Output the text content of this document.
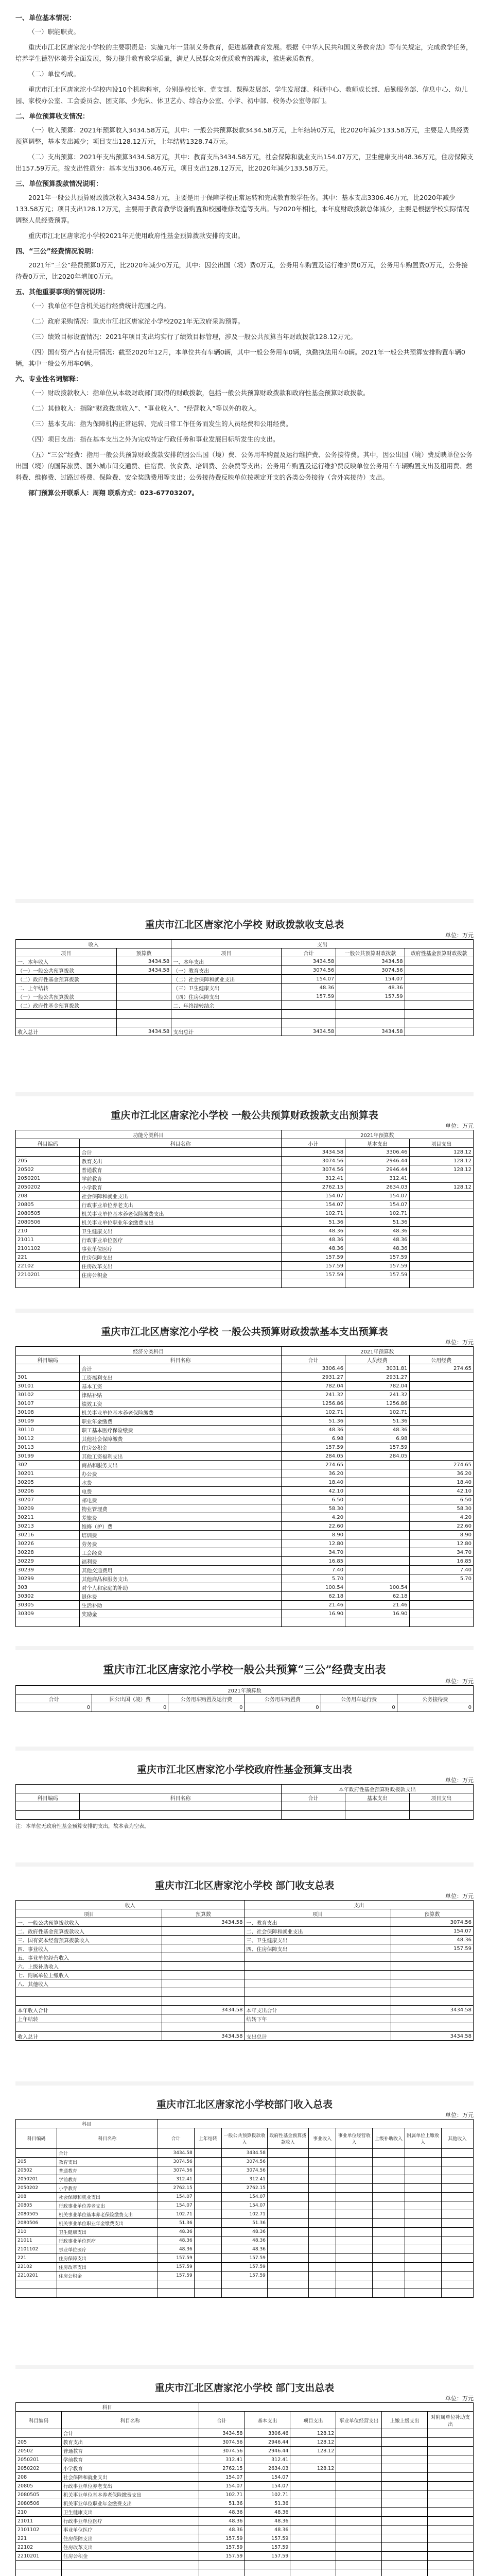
一、单位基本情况：

（一）职能职责。

重庆市江北区唐家沱小学校的主要职责是：实施九年一贯制义务教育，促进基础教育发展。根据《中华人民共和国义务教育法》等有关规定，完成教学任务，培养学生德智体美劳全面发展，努力提升教育教学质量，满足人民群众对优质教育的需求，推进素质教育。

（二）单位构成。

重庆市江北区唐家沱小学校内设10个机构科室，分别是校长室、党支部、课程发展部、学生发展部、科研中心、教师成长部、后勤服务部、信息中心、幼儿园、家校办公室、工会委员会、团支部、少先队、体卫艺办、综合办公室、小学、初中部、校务办公室等部门。

二、单位预算收支情况：

（一）收入预算：2021年预算收入3434.58万元，其中：一般公共预算拨款3434.58万元，上年结转0万元，比2020年减少133.58万元，主要是人员经费预算调整，基本支出减少；项目支出128.12万元，上年结转1328.74万元。

（二）支出预算：2021年支出预算3434.58万元，其中：教育支出3434.58万元，社会保障和就业支出154.07万元，卫生健康支出48.36万元，住房保障支出157.59万元。按支出性质分：基本支出3306.46万元，项目支出128.12万元，比2020年减少133.58万元。

三、单位预算拨款情况说明：

2021年一般公共预算财政拨款收入3434.58万元，主要是用于保障学校正常运转和完成教育教学任务。其中：基本支出3306.46万元，比2020年减少133.58万元；项目支出128.12万元，主要用于教育教学设备购置和校园维修改造等支出。与2020年相比，本年度财政拨款总体减少，主要是根据学校实际情况调整人员经费预算。

重庆市江北区唐家沱小学校2021年无使用政府性基金预算拨款安排的支出。

四、“三公”经费情况说明：

2021年“三公”经费预算0万元，比2020年减少0万元，其中：因公出国（境）费0万元，公务用车购置及运行维护费0万元，公务用车购置费0万元，公务接待费0万元，比2020年增加0万元。

五、其他重要事项的情况说明：

（一）我单位不包含机关运行经费统计范围之内。

（二）政府采购情况：重庆市江北区唐家沱小学校2021年无政府采购预算。

（三）绩效目标设置情况：2021年项目支出均实行了绩效目标管理，涉及一般公共预算当年财政拨款128.12万元。

（四）国有资产占有使用情况：截至2020年12月，本单位共有车辆0辆，其中一般公务用车0辆，执勤执法用车0辆。2021年一般公共预算安排购置车辆0辆，其中一般公务用车0辆。

六、专业性名词解释：

（一）财政拨款收入：指单位从本级财政部门取得的财政拨款，包括一般公共预算财政拨款和政府性基金预算财政拨款。

（二）其他收入：指除“财政拨款收入”、“事业收入”、“经营收入”等以外的收入。

（三）基本支出：指为保障机构正常运转、完成日常工作任务而发生的人员经费和公用经费。

（四）项目支出：指在基本支出之外为完成特定行政任务和事业发展目标所发生的支出。

（五）“三公”经费：指用一般公共预算财政拨款安排的因公出国（境）费、公务用车购置及运行维护费、公务接待费。其中，因公出国（境）费反映单位公务出国（境）的国际旅费、国外城市间交通费、住宿费、伙食费、培训费、公杂费等支出；公务用车购置及运行维护费反映单位公务用车车辆购置支出及租用费、燃料费、维修费、过路过桥费、保险费、安全奖励费用等支出；公务接待费反映单位按规定开支的各类公务接待（含外宾接待）支出。

部门预算公开联系人：周翔 联系方式：023-67703207。

重庆市江北区唐家沱小学校 财政拨款收支总表
单位：万元
收入		支出			
项目	预算数	项目	合计	一般公共预算财政拨款	政府性基金预算财政拨款
一、本年收入	3434.58	一、本年支出	3434.58	3434.58	
（一）一般公共预算拨款	3434.58	（一）教育支出	3074.56	3074.56	
（二）政府性基金预算拨款		（二）社会保障和就业支出	154.07	154.07	
二、上年结转		（三）卫生健康支出	48.36	48.36	
（一）一般公共预算拨款		（四）住房保障支出	157.59	157.59	
（二）政府性基金预算拨款		二、年终结转结余			

收入总计	3434.58	支出总计	3434.58	3434.58	
重庆市江北区唐家沱小学校 一般公共预算财政拨款支出预算表
单位：万元
功能分类科目		2021年预算数		
科目编码	科目名称	小计	基本支出	项目支出
	合计	3434.58	3306.46	128.12
205	教育支出	3074.56	2946.44	128.12
20502	普通教育	3074.56	2946.44	128.12
2050201	学前教育	312.41	312.41	
2050202	小学教育	2762.15	2634.03	128.12
208	社会保障和就业支出	154.07	154.07	
20805	行政事业单位养老支出	154.07	154.07	
2080505	机关事业单位基本养老保险缴费支出	102.71	102.71	
2080506	机关事业单位职业年金缴费支出	51.36	51.36	
210	卫生健康支出	48.36	48.36	
21011	行政事业单位医疗	48.36	48.36	
2101102	事业单位医疗	48.36	48.36	
221	住房保障支出	157.59	157.59	
22102	住房改革支出	157.59	157.59	
2210201	住房公积金	157.59	157.59	

重庆市江北区唐家沱小学校 一般公共预算财政拨款基本支出预算表
单位：万元
经济分类科目		2021年预算数		
科目编码	科目名称	合计	人员经费	公用经费
	合计	3306.46	3031.81	274.65
301	工资福利支出	2931.27	2931.27	
30101	基本工资	782.04	782.04	
30102	津贴补贴	241.32	241.32	
30107	绩效工资	1256.86	1256.86	
30108	机关事业单位基本养老保险缴费	102.71	102.71	
30109	职业年金缴费	51.36	51.36	
30110	职工基本医疗保险缴费	48.36	48.36	
30112	其他社会保障缴费	6.98	6.98	
30113	住房公积金	157.59	157.59	
30199	其他工资福利支出	284.05	284.05	
302	商品和服务支出	274.65		274.65
30201	办公费	36.20		36.20
30205	水费	18.40		18.40
30206	电费	42.10		42.10
30207	邮电费	6.50		6.50
30209	物业管理费	58.30		58.30
30211	差旅费	4.20		4.20
30213	维修（护）费	22.60		22.60
30216	培训费	8.90		8.90
30226	劳务费	12.80		12.80
30228	工会经费	34.70		34.70
30229	福利费	16.85		16.85
30239	其他交通费用	7.40		7.40
30299	其他商品和服务支出	5.70		5.70
303	对个人和家庭的补助	100.54	100.54	
30302	退休费	62.18	62.18	
30305	生活补助	21.46	21.46	
30309	奖励金	16.90	16.90	

重庆市江北区唐家沱小学校一般公共预算“三公”经费支出表
单位：万元
2021年预算数					
合计	因公出国（境）费	公务用车购置及运行费	公务用车购置费	公务用车运行费	公务接待费
0	0	0	0	0	0
重庆市江北区唐家沱小学校政府性基金预算支出表
单位：万元
		本年政府性基金预算财政拨款支出		
科目编码	科目名称	合计	基本支出	项目支出

注：本单位无政府性基金预算安排的支出，故本表为空表。
重庆市江北区唐家沱小学校 部门收支总表
单位：万元
收入		支出	
项目	预算数	项目	预算数
一、一般公共预算拨款收入	3434.58	一、教育支出	3074.56
二、政府性基金预算拨款收入		二、社会保障和就业支出	154.07
三、国有资本经营预算拨款收入		三、卫生健康支出	48.36
四、事业收入		四、住房保障支出	157.59
五、事业单位经营收入			
六、上级补助收入			
七、附属单位上缴收入			
八、其他收入			

本年收入合计	3434.58	本年支出合计	3434.58
上年结转		结转下年	

收入总计	3434.58	支出总计	3434.58
重庆市江北区唐家沱小学校部门收入总表
单位：万元
科目										
科目编码	科目名称	合计	上年结转	一般公共预算拨款收入	政府性基金预算拨款收入	事业收入	事业单位经营收入	上级补助收入	附属单位上缴收入	其他收入
	合计	3434.58		3434.58						
205	教育支出	3074.56		3074.56						
20502	普通教育	3074.56		3074.56						
2050201	学前教育	312.41		312.41						
2050202	小学教育	2762.15		2762.15						
208	社会保障和就业支出	154.07		154.07						
20805	行政事业单位养老支出	154.07		154.07						
2080505	机关事业单位基本养老保险缴费支出	102.71		102.71						
2080506	机关事业单位职业年金缴费支出	51.36		51.36						
210	卫生健康支出	48.36		48.36						
21011	行政事业单位医疗	48.36		48.36						
2101102	事业单位医疗	48.36		48.36						
221	住房保障支出	157.59		157.59						
22102	住房改革支出	157.59		157.59						
2210201	住房公积金	157.59		157.59						

重庆市江北区唐家沱小学校 部门支出总表
单位：万元
科目							
科目编码	科目名称	合计	基本支出	项目支出	事业单位经营支出	上缴上级支出	对附属单位补助支出
	合计	3434.58	3306.46	128.12			
205	教育支出	3074.56	2946.44	128.12			
20502	普通教育	3074.56	2946.44	128.12			
2050201	学前教育	312.41	312.41				
2050202	小学教育	2762.15	2634.03	128.12			
208	社会保障和就业支出	154.07	154.07				
20805	行政事业单位养老支出	154.07	154.07				
2080505	机关事业单位基本养老保险缴费支出	102.71	102.71				
2080506	机关事业单位职业年金缴费支出	51.36	51.36				
210	卫生健康支出	48.36	48.36				
21011	行政事业单位医疗	48.36	48.36				
2101102	事业单位医疗	48.36	48.36				
221	住房保障支出	157.59	157.59				
22102	住房改革支出	157.59	157.59				
2210201	住房公积金	157.59	157.59				
